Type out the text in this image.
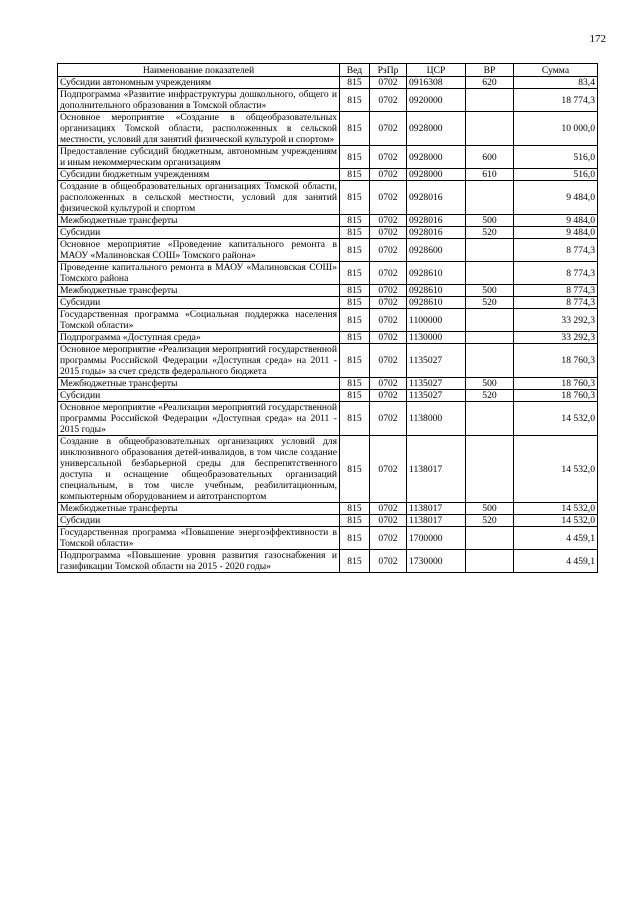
172
Наименование показателей	Вед	РзПр	ЦСР	ВР	Сумма
Субсидии автономным учреждениям	815	0702	0916308	620	83,4
Подпрограмма «Развитие инфраструктуры дошкольного, общего и дополнительного образования в Томской области»	815	0702	0920000		18 774,3
Основное мероприятие «Создание в общеобразовательных организациях Томской области, расположенных в сельской местности, условий для занятий физической культурой и спортом»	815	0702	0928000		10 000,0
Предоставление субсидий бюджетным, автономным учреждениям и иным некоммерческим организациям	815	0702	0928000	600	516,0
Субсидии бюджетным учреждениям	815	0702	0928000	610	516,0
Создание в общеобразовательных организациях Томской области, расположенных в сельской местности, условий для занятий физической культурой и спортом	815	0702	0928016		9 484,0
Межбюджетные трансферты	815	0702	0928016	500	9 484,0
Субсидии	815	0702	0928016	520	9 484,0
Основное мероприятие «Проведение капитального ремонта в МАОУ «Малиновская СОШ» Томского района»	815	0702	0928600		8 774,3
Проведение капитального ремонта в МАОУ «Малиновская СОШ» Томского района	815	0702	0928610		8 774,3
Межбюджетные трансферты	815	0702	0928610	500	8 774,3
Субсидии	815	0702	0928610	520	8 774,3
Государственная программа «Социальная поддержка населения Томской области»	815	0702	1100000		33 292,3
Подпрограмма «Доступная среда»	815	0702	1130000		33 292,3
Основное мероприятие «Реализация мероприятий государственной программы Российской Федерации «Доступная среда» на 2011 - 2015 годы» за счет средств федерального бюджета	815	0702	1135027		18 760,3
Межбюджетные трансферты	815	0702	1135027	500	18 760,3
Субсидии	815	0702	1135027	520	18 760,3
Основное мероприятие «Реализация мероприятий государственной программы Российской Федерации «Доступная среда» на 2011 - 2015 годы»	815	0702	1138000		14 532,0
Создание в общеобразовательных организациях условий для инклюзивного образования детей-инвалидов, в том числе создание универсальной безбарьерной среды для беспрепятственного доступа и оснащение общеобразовательных организаций специальным, в том числе учебным, реабилитационным, компьютерным оборудованием и автотранспортом	815	0702	1138017		14 532,0
Межбюджетные трансферты	815	0702	1138017	500	14 532,0
Субсидии	815	0702	1138017	520	14 532,0
Государственная программа «Повышение энергоэффективности в Томской области»	815	0702	1700000		4 459,1
Подпрограмма «Повышение уровня развития газоснабжения и газификации Томской области на 2015 - 2020 годы»	815	0702	1730000		4 459,1
